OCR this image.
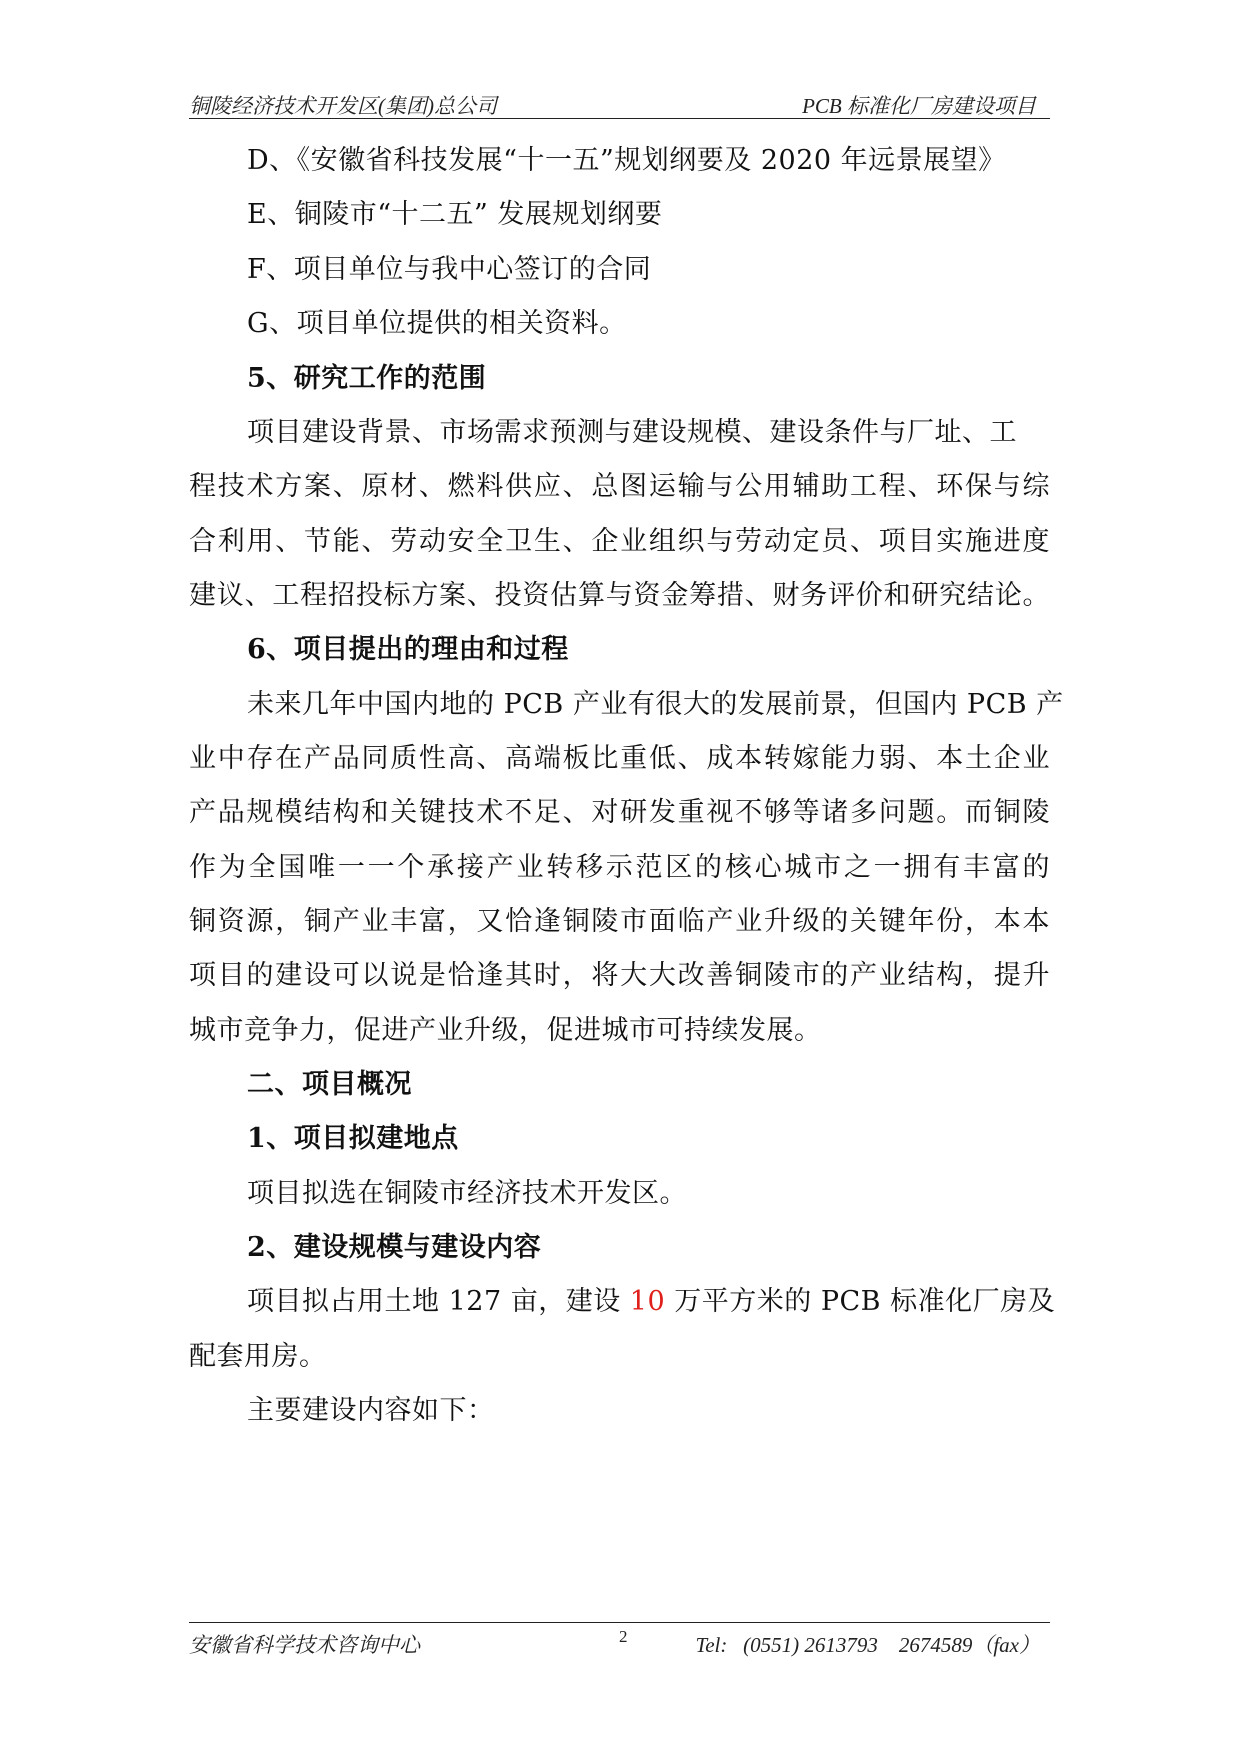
铜陵经济技术开发区(集团)总公司	PCB 标准化厂房建设项目
D、《安徽省科技发展“十一五”规划纲要及 2020 年远景展望》
E、铜陵市“十二五” 发展规划纲要
F、项目单位与我中心签订的合同
G、项目单位提供的相关资料。
5、研究工作的范围
项目建设背景、市场需求预测与建设规模、建设条件与厂址、工
程技术方案、原材、燃料供应、总图运输与公用辅助工程、环保与综
合利用、节能、劳动安全卫生、企业组织与劳动定员、项目实施进度
建议、工程招投标方案、投资估算与资金筹措、财务评价和研究结论。
6、项目提出的理由和过程
未来几年中国内地的 PCB 产业有很大的发展前景，但国内 PCB 产
业中存在产品同质性高、高端板比重低、成本转嫁能力弱、本土企业
产品规模结构和关键技术不足、对研发重视不够等诸多问题。而铜陵
作为全国唯一一个承接产业转移示范区的核心城市之一拥有丰富的
铜资源，铜产业丰富，又恰逢铜陵市面临产业升级的关键年份，本本
项目的建设可以说是恰逢其时，将大大改善铜陵市的产业结构，提升
城市竞争力，促进产业升级，促进城市可持续发展。
二、项目概况
1、项目拟建地点
项目拟选在铜陵市经济技术开发区。
2、建设规模与建设内容
项目拟占用土地 127 亩，建设 10 万平方米的 PCB 标准化厂房及
配套用房。
主要建设内容如下：
安徽省科学技术咨询中心	2	Tel:   (0551) 2613793    2674589（fax）
